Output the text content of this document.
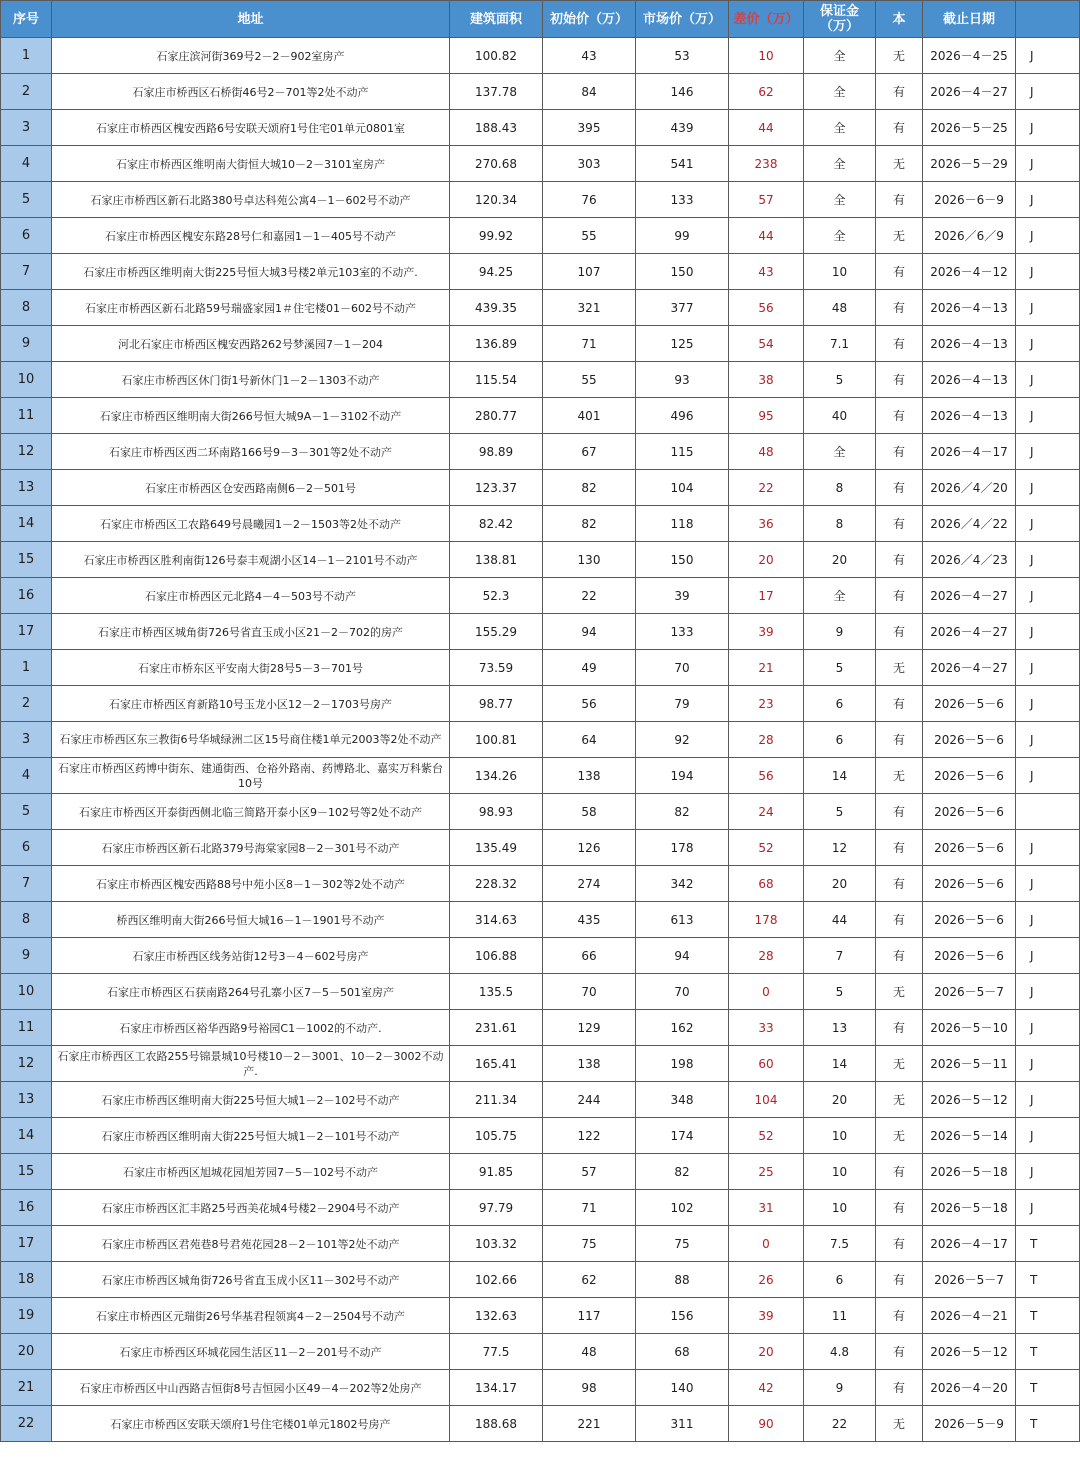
序号	地址	建筑面积	初始价（万）	市场价（万）	差价（万）	保证金（万）	本	截止日期	
1	石家庄滨河街369号2－2－902室房产	100.82	43	53	10	全	无	2026－4－25	J
2	石家庄市桥西区石桥街46号2－701等2处不动产	137.78	84	146	62	全	有	2026－4－27	J
3	石家庄市桥西区槐安西路6号安联天颂府1号住宅01单元0801室	188.43	395	439	44	全	有	2026－5－25	J
4	石家庄市桥西区维明南大街恒大城10－2－3101室房产	270.68	303	541	238	全	无	2026－5－29	J
5	石家庄市桥西区新石北路380号卓达科苑公寓4－1－602号不动产	120.34	76	133	57	全	有	2026－6－9	J
6	石家庄市桥西区槐安东路28号仁和嘉园1－1－405号不动产	99.92	55	99	44	全	无	2026／6／9	J
7	石家庄市桥西区维明南大街225号恒大城3号楼2单元103室的不动产.	94.25	107	150	43	10	有	2026－4－12	J
8	石家庄市桥西区新石北路59号瑞盛家园1＃住宅楼01－602号不动产	439.35	321	377	56	48	有	2026－4－13	J
9	河北石家庄市桥西区槐安西路262号梦溪园7－1－204	136.89	71	125	54	7.1	有	2026－4－13	J
10	石家庄市桥西区休门街1号新休门1－2－1303不动产	115.54	55	93	38	5	有	2026－4－13	J
11	石家庄市桥西区维明南大街266号恒大城9A－1－3102不动产	280.77	401	496	95	40	有	2026－4－13	J
12	石家庄市桥西区西二环南路166号9－3－301等2处不动产	98.89	67	115	48	全	有	2026－4－17	J
13	石家庄市桥西区仓安西路南侧6－2－501号	123.37	82	104	22	8	有	2026／4／20	J
14	石家庄市桥西区工农路649号晨曦园1－2－1503等2处不动产	82.42	82	118	36	8	有	2026／4／22	J
15	石家庄市桥西区胜利南街126号泰丰观湖小区14－1－2101号不动产	138.81	130	150	20	20	有	2026／4／23	J
16	石家庄市桥西区元北路4－4－503号不动产	52.3	22	39	17	全	有	2026－4－27	J
17	石家庄市桥西区城角街726号省直玉成小区21－2－702的房产	155.29	94	133	39	9	有	2026－4－27	J
1	石家庄市桥东区平安南大街28号5－3－701号	73.59	49	70	21	5	无	2026－4－27	J
2	石家庄市桥西区育新路10号玉龙小区12－2－1703号房产	98.77	56	79	23	6	有	2026－5－6	J
3	石家庄市桥西区东三教街6号华城绿洲二区15号商住楼1单元2003等2处不动产	100.81	64	92	28	6	有	2026－5－6	J
4	石家庄市桥西区药博中街东、建通街西、仓裕外路南、药博路北、嘉实万科紫台10号	134.26	138	194	56	14	无	2026－5－6	J
5	石家庄市桥西区开泰街西侧北临三简路开泰小区9－102号等2处不动产	98.93	58	82	24	5	有	2026－5－6	
6	石家庄市桥西区新石北路379号海棠家园8－2－301号不动产	135.49	126	178	52	12	有	2026－5－6	J
7	石家庄市桥西区槐安西路88号中苑小区8－1－302等2处不动产	228.32	274	342	68	20	有	2026－5－6	J
8	桥西区维明南大街266号恒大城16－1－1901号不动产	314.63	435	613	178	44	有	2026－5－6	J
9	石家庄市桥西区线务站街12号3－4－602号房产	106.88	66	94	28	7	有	2026－5－6	J
10	石家庄市桥西区石获南路264号孔寨小区7－5－501室房产	135.5	70	70	0	5	无	2026－5－7	J
11	石家庄市桥西区裕华西路9号裕园C1－1002的不动产.	231.61	129	162	33	13	有	2026－5－10	J
12	石家庄市桥西区工农路255号锦景城10号楼10－2－3001、10－2－3002不动产.	165.41	138	198	60	14	无	2026－5－11	J
13	石家庄市桥西区维明南大街225号恒大城1－2－102号不动产	211.34	244	348	104	20	无	2026－5－12	J
14	石家庄市桥西区维明南大街225号恒大城1－2－101号不动产	105.75	122	174	52	10	无	2026－5－14	J
15	石家庄市桥西区旭城花园旭芳园7－5－102号不动产	91.85	57	82	25	10	有	2026－5－18	J
16	石家庄市桥西区汇丰路25号西美花城4号楼2－2904号不动产	97.79	71	102	31	10	有	2026－5－18	J
17	石家庄市桥西区君苑巷8号君苑花园28－2－101等2处不动产	103.32	75	75	0	7.5	有	2026－4－17	T
18	石家庄市桥西区城角街726号省直玉成小区11－302号不动产	102.66	62	88	26	6	有	2026－5－7	T
19	石家庄市桥西区元瑞街26号华基君程领寓4－2－2504号不动产	132.63	117	156	39	11	有	2026－4－21	T
20	石家庄市桥西区环城花园生活区11－2－201号不动产	77.5	48	68	20	4.8	有	2026－5－12	T
21	石家庄市桥西区中山西路吉恒街8号吉恒园小区49－4－202等2处房产	134.17	98	140	42	9	有	2026－4－20	T
22	石家庄市桥西区安联天颂府1号住宅楼01单元1802号房产	188.68	221	311	90	22	无	2026－5－9	T
